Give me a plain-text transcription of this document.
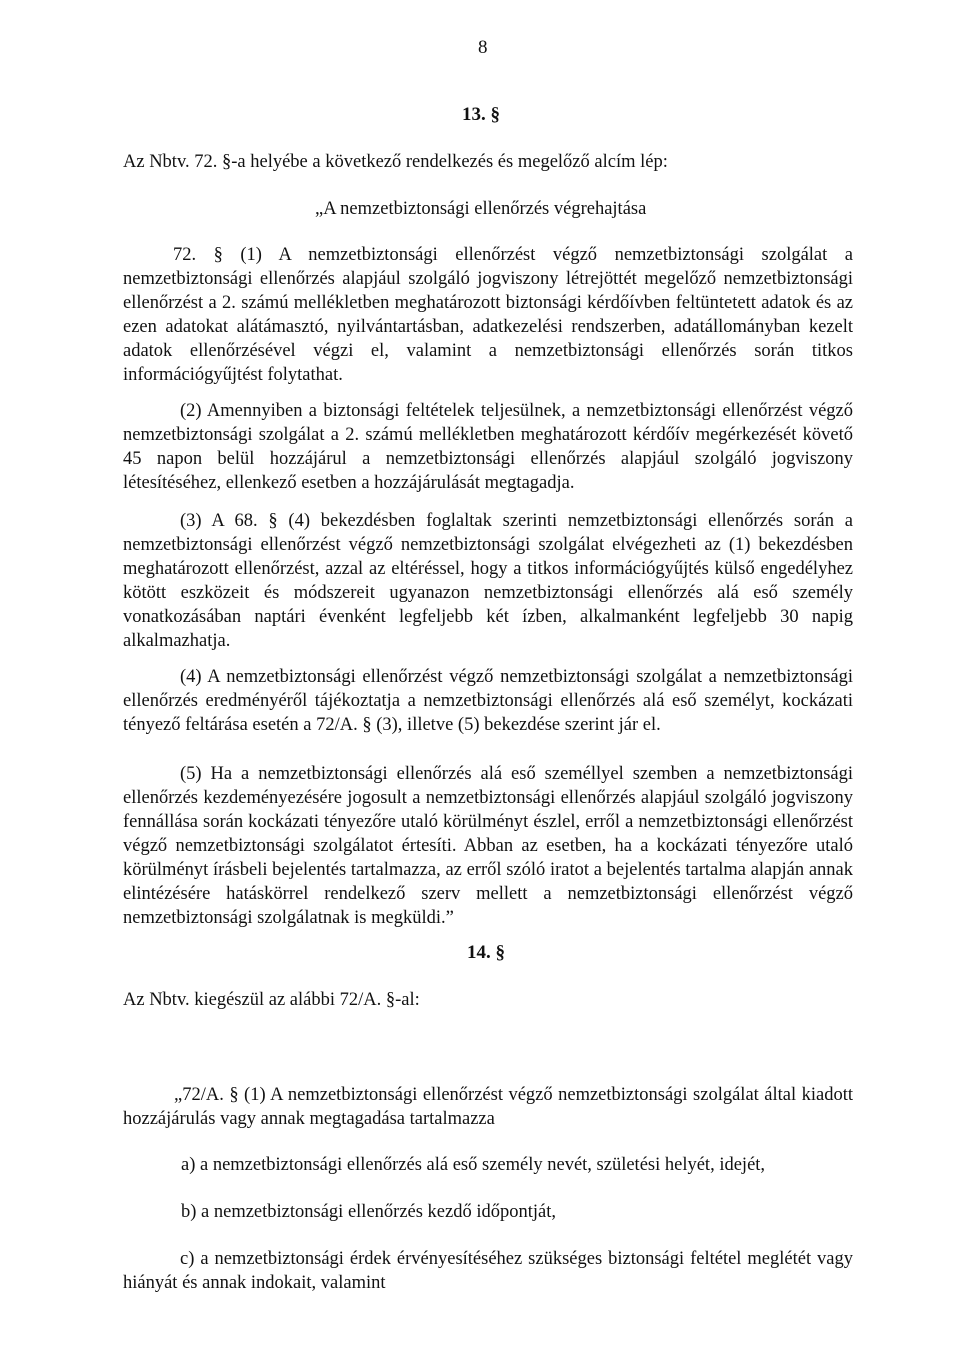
8
13. §
Az Nbtv. 72. §-a helyébe a következő rendelkezés és megelőző alcím lép:
„A nemzetbiztonsági ellenőrzés végrehajtása
72. § (1) A nemzetbiztonsági ellenőrzést végző nemzetbiztonsági szolgálat a nemzetbiztonsági ellenőrzés alapjául szolgáló jogviszony létrejöttét megelőző nemzetbiztonsági ellenőrzést a 2. számú mellékletben meghatározott biztonsági kérdőívben feltüntetett adatok és az ezen adatokat alátámasztó, nyilvántartásban, adatkezelési rendszerben, adatállományban kezelt adatok ellenőrzésével végzi el, valamint a nemzetbiztonsági ellenőrzés során titkos információgyűjtést folytathat.
(2) Amennyiben a biztonsági feltételek teljesülnek, a nemzetbiztonsági ellenőrzést végző nemzetbiztonsági szolgálat a 2. számú mellékletben meghatározott kérdőív megérkezését követő 45 napon belül hozzájárul a nemzetbiztonsági ellenőrzés alapjául szolgáló jogviszony létesítéséhez, ellenkező esetben a hozzájárulását megtagadja.
(3) A 68. § (4) bekezdésben foglaltak szerinti nemzetbiztonsági ellenőrzés során a nemzetbiztonsági ellenőrzést végző nemzetbiztonsági szolgálat elvégezheti az (1) bekezdésben meghatározott ellenőrzést, azzal az eltéréssel, hogy a titkos információgyűjtés külső engedélyhez kötött eszközeit és módszereit ugyanazon nemzetbiztonsági ellenőrzés alá eső személy vonatkozásában naptári évenként legfeljebb két ízben, alkalmanként legfeljebb 30 napig alkalmazhatja.
(4) A nemzetbiztonsági ellenőrzést végző nemzetbiztonsági szolgálat a nemzetbiztonsági ellenőrzés eredményéről tájékoztatja a nemzetbiztonsági ellenőrzés alá eső személyt, kockázati tényező feltárása esetén a 72/A. § (3), illetve (5) bekezdése szerint jár el.
(5) Ha a nemzetbiztonsági ellenőrzés alá eső személlyel szemben a nemzetbiztonsági ellenőrzés kezdeményezésére jogosult a nemzetbiztonsági ellenőrzés alapjául szolgáló jogviszony fennállása során kockázati tényezőre utaló körülményt észlel, erről a nemzetbiztonsági ellenőrzést végző nemzetbiztonsági szolgálatot értesíti. Abban az esetben, ha a kockázati tényezőre utaló körülményt írásbeli bejelentés tartalmazza, az erről szóló iratot a bejelentés tartalma alapján annak elintézésére hatáskörrel rendelkező szerv mellett a nemzetbiztonsági ellenőrzést végző nemzetbiztonsági szolgálatnak is megküldi.”
14. §
Az Nbtv. kiegészül az alábbi 72/A. §-al:
„72/A. § (1) A nemzetbiztonsági ellenőrzést végző nemzetbiztonsági szolgálat által kiadott hozzájárulás vagy annak megtagadása tartalmazza
a) a nemzetbiztonsági ellenőrzés alá eső személy nevét, születési helyét, idejét,
b) a nemzetbiztonsági ellenőrzés kezdő időpontját,
c) a nemzetbiztonsági érdek érvényesítéséhez szükséges biztonsági feltétel meglétét vagy hiányát és annak indokait, valamint
